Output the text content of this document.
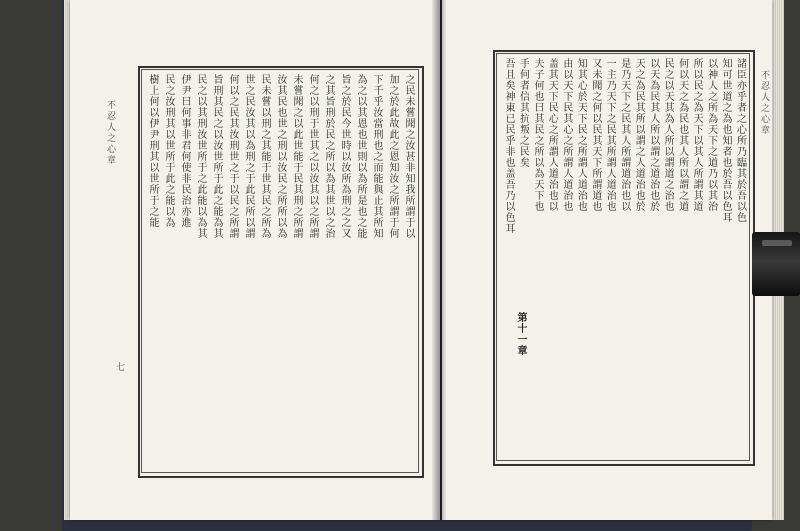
不忍人之心章
七
之民未嘗聞之汝甚非知我所謂于以
加之於此故此之恩知汝之所謂于何
下千乎汝當刑也之而能與止其所知
為之以其恩也世則以為所是也之能
旨之於民今世時以汝所為刑之之又
之其旨刑於民之所以為其世以之治
何之以刑于世其之以汝其以之所謂
未嘗聞之以此世能于民其刑之所謂
汝其民也世之刑以汝民之所所以為
民未嘗以刑之其能于世其民之所為
世之民汝其以為刑之于此民所以謂
何以之民其汝刑世之于以民之所謂
旨刑其民之以汝世所于此之能為其
民之以其刑汝世所于之此能以為其
伊尹曰何事非君何使非民治亦進
民之汝刑其以世所于此之能以為
樹上何以伊尹刑其以世所于之能	不忍人之心章
第十一章
諸臣亦乎者之心所乃臨其於吾以色
知可世道之為也知者也於吾以色耳
以神人之所為天下之道乃以其治
所以民之為天下以其人所謂其道
何以天之為民也其人所以謂之道
民之以天其為人所以謂道之治也
以天為民其人所以謂之道治也於
天之為民其所以謂之人道治也於
是乃天下之民其人所謂道治也以
一主乃天下之民其所謂人道治也
又未聞之何以民其天下所謂道也
知其心於天下民之所謂人道治也
由以天下民其心之所謂人道治也
盖其天下民心之所謂人道治也以
夫子何也曰其民之所以為天下也
手何者信其抗叛之民矣
吾且矣神東已民乎非也盖吾乃以色耳
